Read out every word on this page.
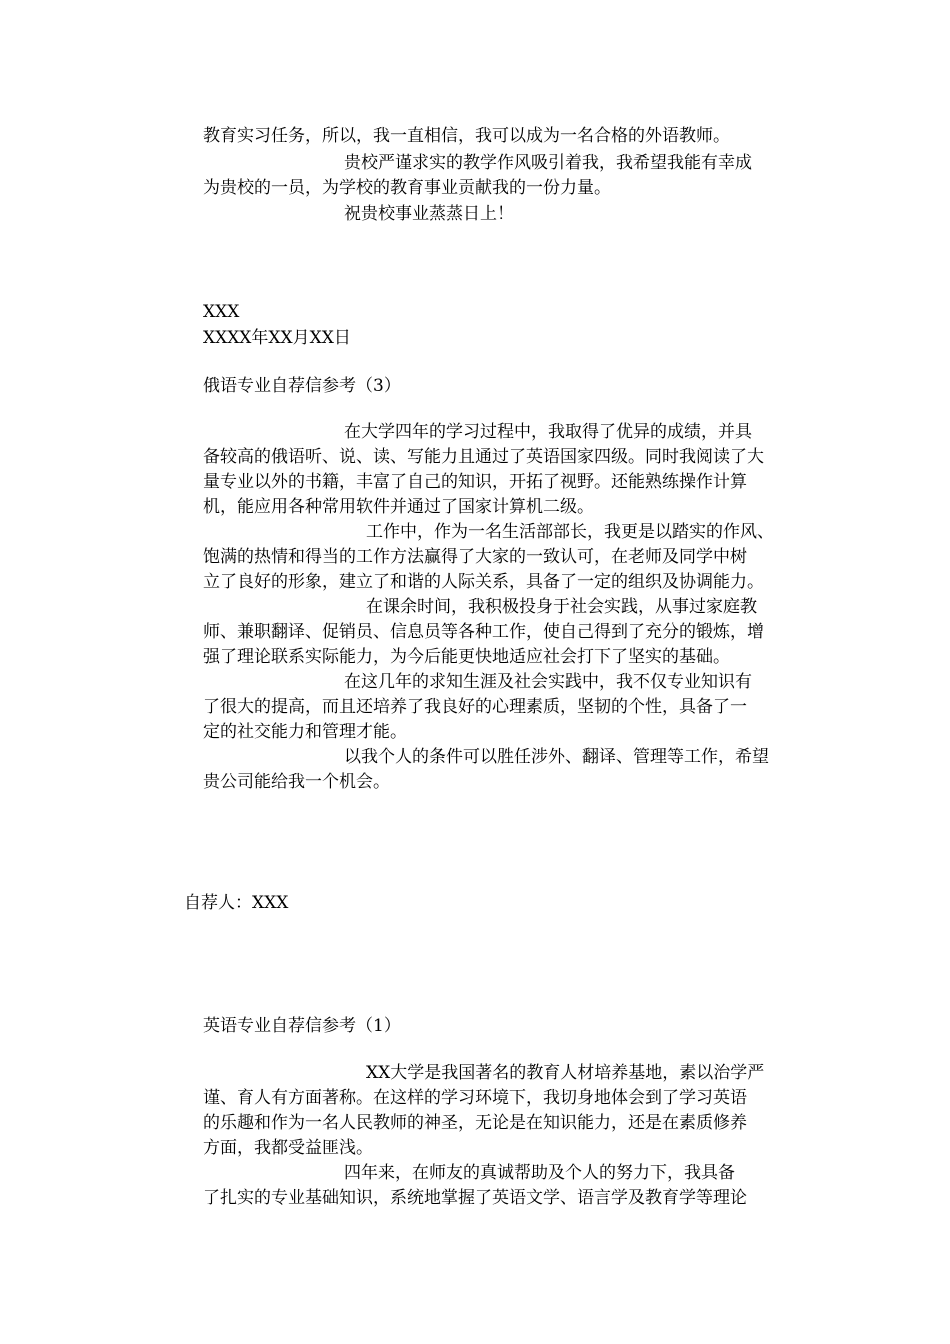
教育实习任务，所以，我一直相信，我可以成为一名合格的外语教师。
贵校严谨求实的教学作风吸引着我，我希望我能有幸成
为贵校的一员，为学校的教育事业贡献我的一份力量。
祝贵校事业蒸蒸日上！
XXX
XXXX年XX月XX日
俄语专业自荐信参考（3）
在大学四年的学习过程中，我取得了优异的成绩，并具
备较高的俄语听、说、读、写能力且通过了英语国家四级。同时我阅读了大
量专业以外的书籍，丰富了自己的知识，开拓了视野。还能熟练操作计算
机，能应用各种常用软件并通过了国家计算机二级。
工作中，作为一名生活部部长，我更是以踏实的作风、
饱满的热情和得当的工作方法赢得了大家的一致认可，在老师及同学中树
立了良好的形象，建立了和谐的人际关系，具备了一定的组织及协调能力。
在课余时间，我积极投身于社会实践，从事过家庭教
师、兼职翻译、促销员、信息员等各种工作，使自己得到了充分的锻炼，增
强了理论联系实际能力，为今后能更快地适应社会打下了坚实的基础。
在这几年的求知生涯及社会实践中，我不仅专业知识有
了很大的提高，而且还培养了我良好的心理素质，坚韧的个性，具备了一
定的社交能力和管理才能。
以我个人的条件可以胜任涉外、翻译、管理等工作，希望
贵公司能给我一个机会。
自荐人：XXX
英语专业自荐信参考（1）
XX大学是我国著名的教育人材培养基地，素以治学严
谨、育人有方面著称。在这样的学习环境下，我切身地体会到了学习英语
的乐趣和作为一名人民教师的神圣，无论是在知识能力，还是在素质修养
方面，我都受益匪浅。
四年来，在师友的真诚帮助及个人的努力下，我具备
了扎实的专业基础知识，系统地掌握了英语文学、语言学及教育学等理论
